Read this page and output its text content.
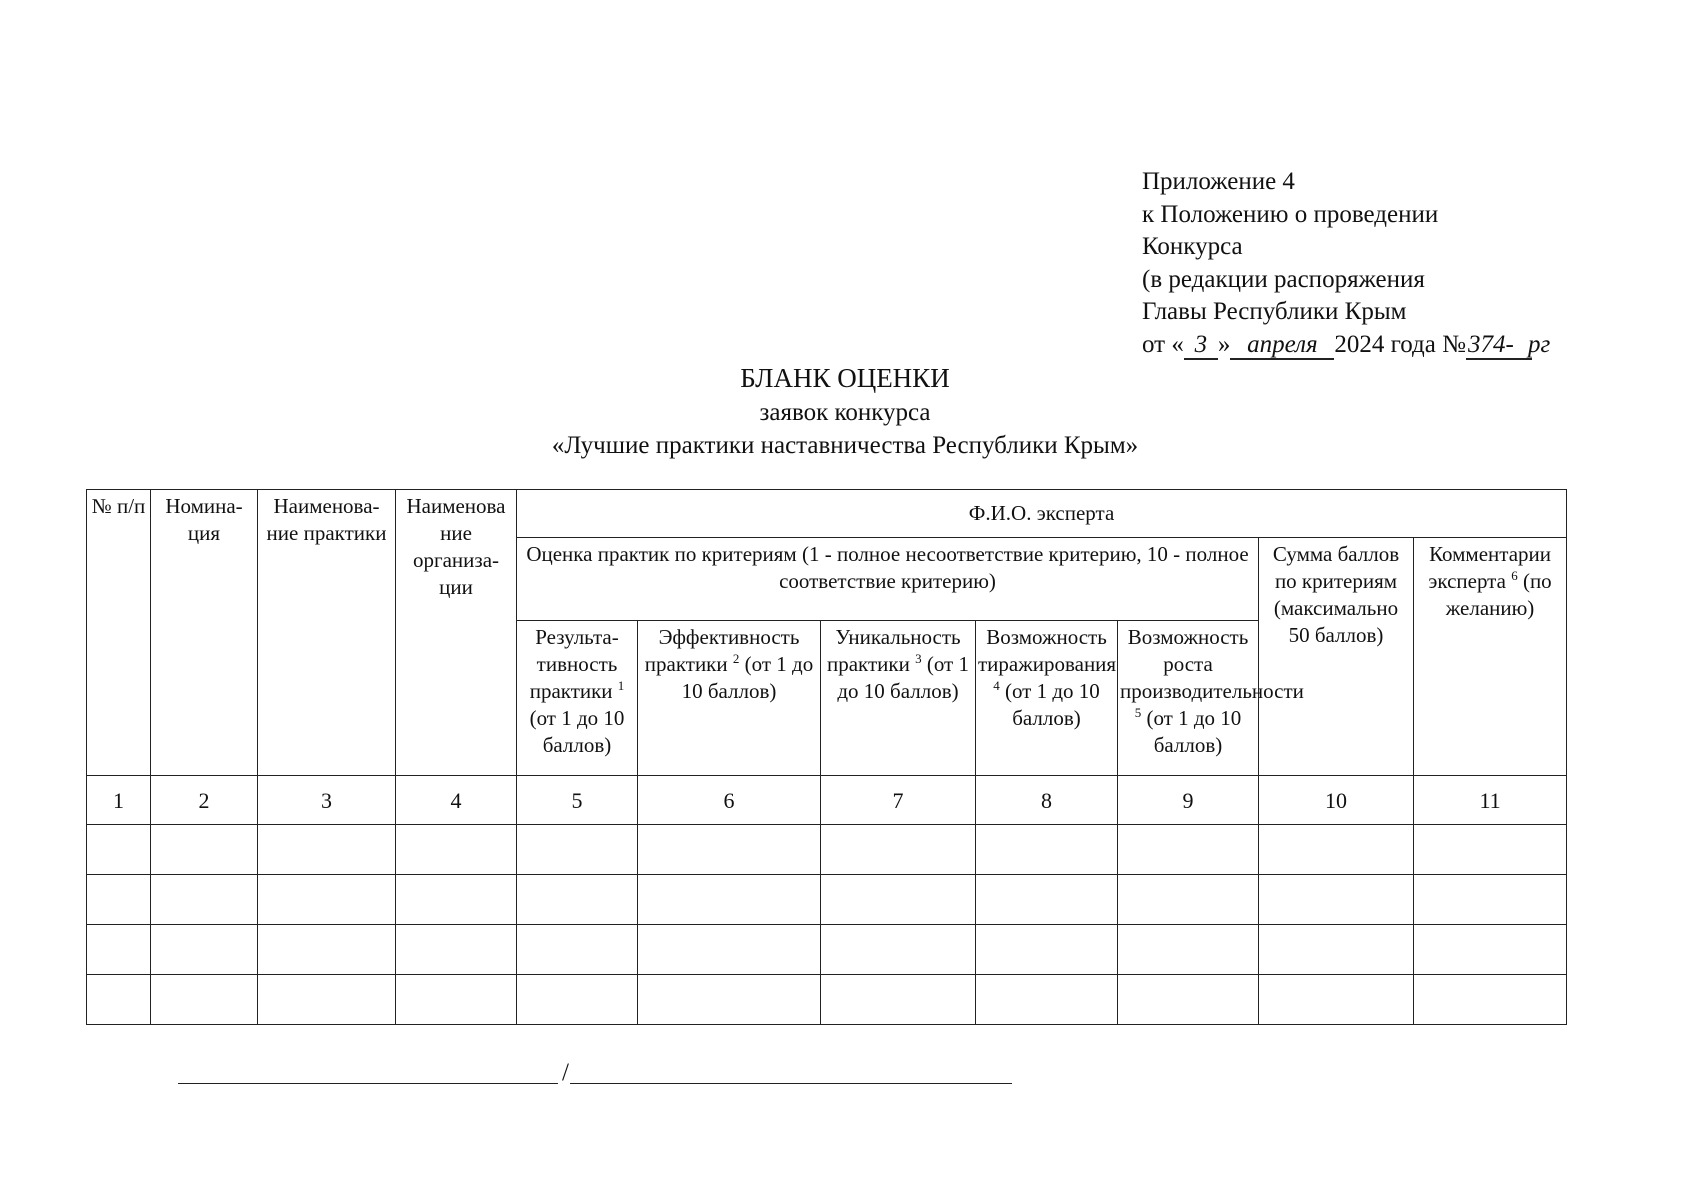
Приложение 4
к Положению о проведении
Конкурса
(в редакции распоряжения
Главы Республики Крым
от « 3 » апреля 2024 года №374- рг
БЛАНК ОЦЕНКИ
заявок конкурса
«Лучшие практики наставничества Республики Крым»
№ п/п	Номина-ция	Наименова-ние практики	Наименова ние организа-ции	Ф.И.О. эксперта						
				Оценка практик по критериям (1 - полное несоответствие критерию, 10 - полное соответствие критерию)					Сумма баллов по критериям (максимально 50 баллов)	Комментарии эксперта $^6$ (по желанию)
				Результа-тивность практики $^1$ (от 1 до 10 баллов)	Эффективность практики $^2$ (от 1 до 10 баллов)	Уникальность практики $^3$ (от 1 до 10 баллов)	Возможность тиражирования $^4$ (от 1 до 10 баллов)	Возможность роста производительности $^5$ (от 1 до 10 баллов)		
1	2	3	4	5	6	7	8	9	10	11

/
